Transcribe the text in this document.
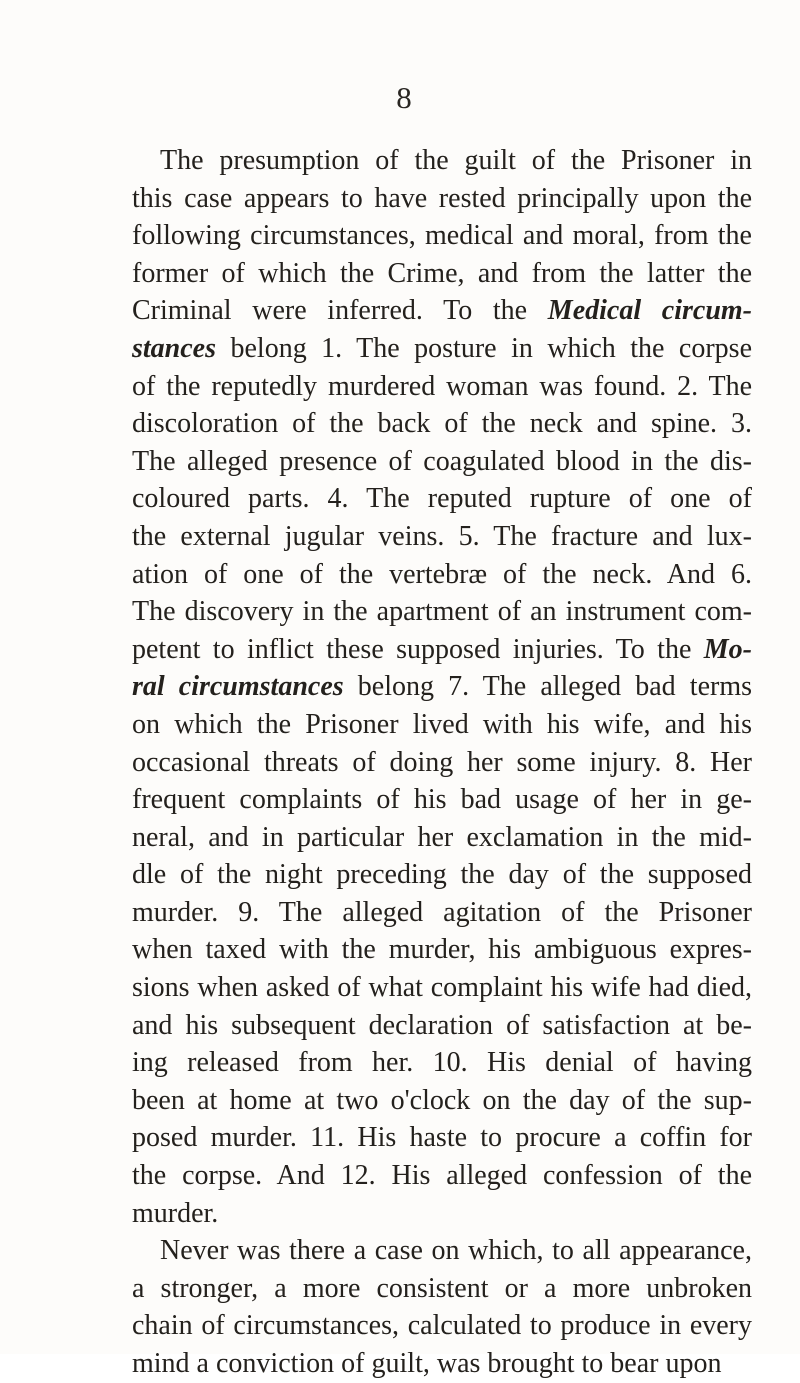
8
The presumption of the guilt of the Prisoner in
this case appears to have rested principally upon the
following circumstances, medical and moral, from the
former of which the Crime, and from the latter the
Criminal were inferred. To the Medical circum-
stances belong 1. The posture in which the corpse
of the reputedly murdered woman was found. 2. The
discoloration of the back of the neck and spine. 3.
The alleged presence of coagulated blood in the dis-
coloured parts. 4. The reputed rupture of one of
the external jugular veins. 5. The fracture and lux-
ation of one of the vertebræ of the neck. And 6.
The discovery in the apartment of an instrument com-
petent to inflict these supposed injuries. To the Mo-
ral circumstances belong 7. The alleged bad terms
on which the Prisoner lived with his wife, and his
occasional threats of doing her some injury. 8. Her
frequent complaints of his bad usage of her in ge-
neral, and in particular her exclamation in the mid-
dle of the night preceding the day of the supposed
murder. 9. The alleged agitation of the Prisoner
when taxed with the murder, his ambiguous expres-
sions when asked of what complaint his wife had died,
and his subsequent declaration of satisfaction at be-
ing released from her. 10. His denial of having
been at home at two o'clock on the day of the sup-
posed murder. 11. His haste to procure a coffin for
the corpse. And 12. His alleged confession of the
murder.
Never was there a case on which, to all appearance,
a stronger, a more consistent or a more unbroken
chain of circumstances, calculated to produce in every
mind a conviction of guilt, was brought to bear upon
